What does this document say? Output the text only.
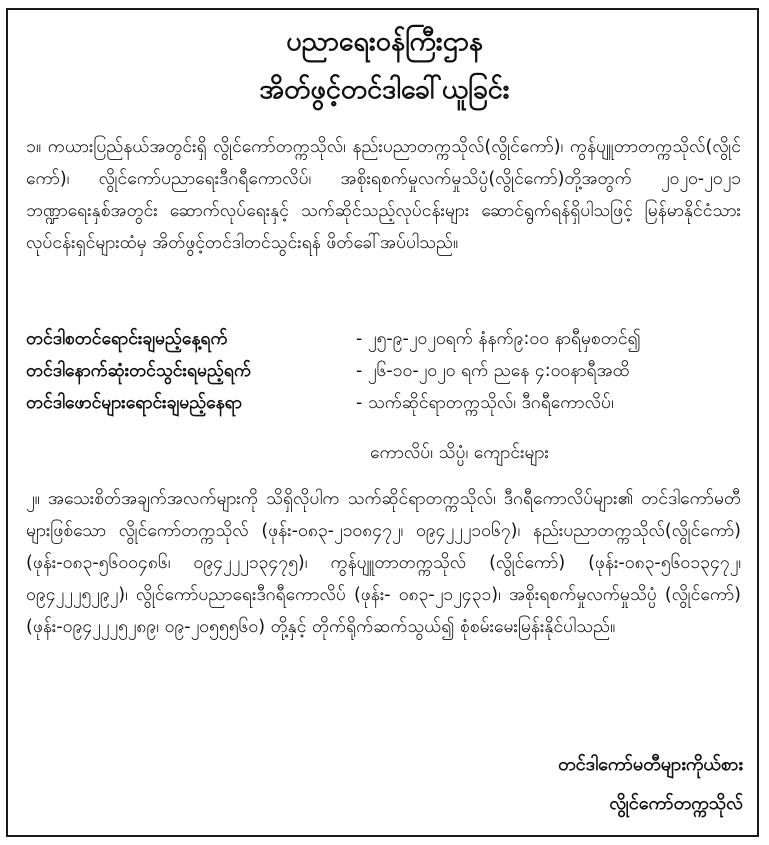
ပညာရေးဝန်ကြီးဌာန
အိတ်ဖွင့်တင်ဒါခေါ်ယူခြင်း
၁။ ကယားပြည်နယ်အတွင်းရှိ လွိုင်ကော်တက္ကသိုလ်၊ နည်းပညာတက္ကသိုလ်(လွိုင်ကော်)၊ ကွန်ပျူတာတက္ကသိုလ်(လွိုင်ကော်)၊ လွိုင်ကော်ပညာရေးဒီဂရီကောလိပ်၊ အစိုးရစက်မှုလက်မှုသိပ္ပံ(လွိုင်ကော်)တို့အတွက် ၂၀၂၀-၂၀၂၁ ဘဏ္ဍာရေးနှစ်အတွင်း ဆောက်လုပ်ရေးနှင့် သက်ဆိုင်သည့်လုပ်ငန်းများ ဆောင်ရွက်ရန်ရှိပါသဖြင့် မြန်မာနိုင်ငံသားလုပ်ငန်းရှင်များထံမှ အိတ်ဖွင့်တင်ဒါတင်သွင်းရန် ဖိတ်ခေါ်အပ်ပါသည်။
တင်ဒါစတင်ရောင်းချမည့်နေ့ရက်	- ၂၅-၉-၂၀၂၀ရက် နံနက်၉:၀၀ နာရီမှစတင်၍
တင်ဒါနောက်ဆုံးတင်သွင်းရမည့်ရက်	- ၂၆-၁၀-၂၀၂၀ ရက် ညနေ ၄:၀၀နာရီအထိ
တင်ဒါဖောင်များရောင်းချမည့်နေရာ	- သက်ဆိုင်ရာတက္ကသိုလ်၊ ဒီဂရီကောလိပ်၊
ကောလိပ်၊ သိပ္ပံ၊ ကျောင်းများ
၂။ အသေးစိတ်အချက်အလက်များကို သိရှိလိုပါက သက်ဆိုင်ရာတက္ကသိုလ်၊ ဒီဂရီကောလိပ်များ၏ တင်ဒါကော်မတီများဖြစ်သော လွိုင်ကော်တက္ကသိုလ် (ဖုန်း-၀၈၃-၂၁၀၈၄၇၂၊ ၀၉၄၂၂၂၁၀၆၇)၊ နည်းပညာတက္ကသိုလ်(လွိုင်ကော်) (ဖုန်း-၀၈၃-၅၆၀၀၄၈၆၊ ၀၉၄၂၂၂၁၃၄၇၅)၊ ကွန်ပျူတာတက္ကသိုလ် (လွိုင်ကော်) (ဖုန်း-၀၈၃-၅၆၀၁၃၄၇၂၊ ၀၉၄၂၂၂၅၂၉၂)၊ လွိုင်ကော်ပညာရေးဒီဂရီကောလိပ် (ဖုန်း- ၀၈၃-၂၁၂၄၃၁)၊ အစိုးရစက်မှုလက်မှုသိပ္ပံ (လွိုင်ကော်) (ဖုန်း-၀၉၄၂၂၂၅၂၈၉၊ ၀၉-၂၀၅၅၅၆၀) တို့နှင့် တိုက်ရိုက်ဆက်သွယ်၍ စုံစမ်းမေးမြန်းနိုင်ပါသည်။
တင်ဒါကော်မတီများကိုယ်စား
လွိုင်ကော်တက္ကသိုလ်
